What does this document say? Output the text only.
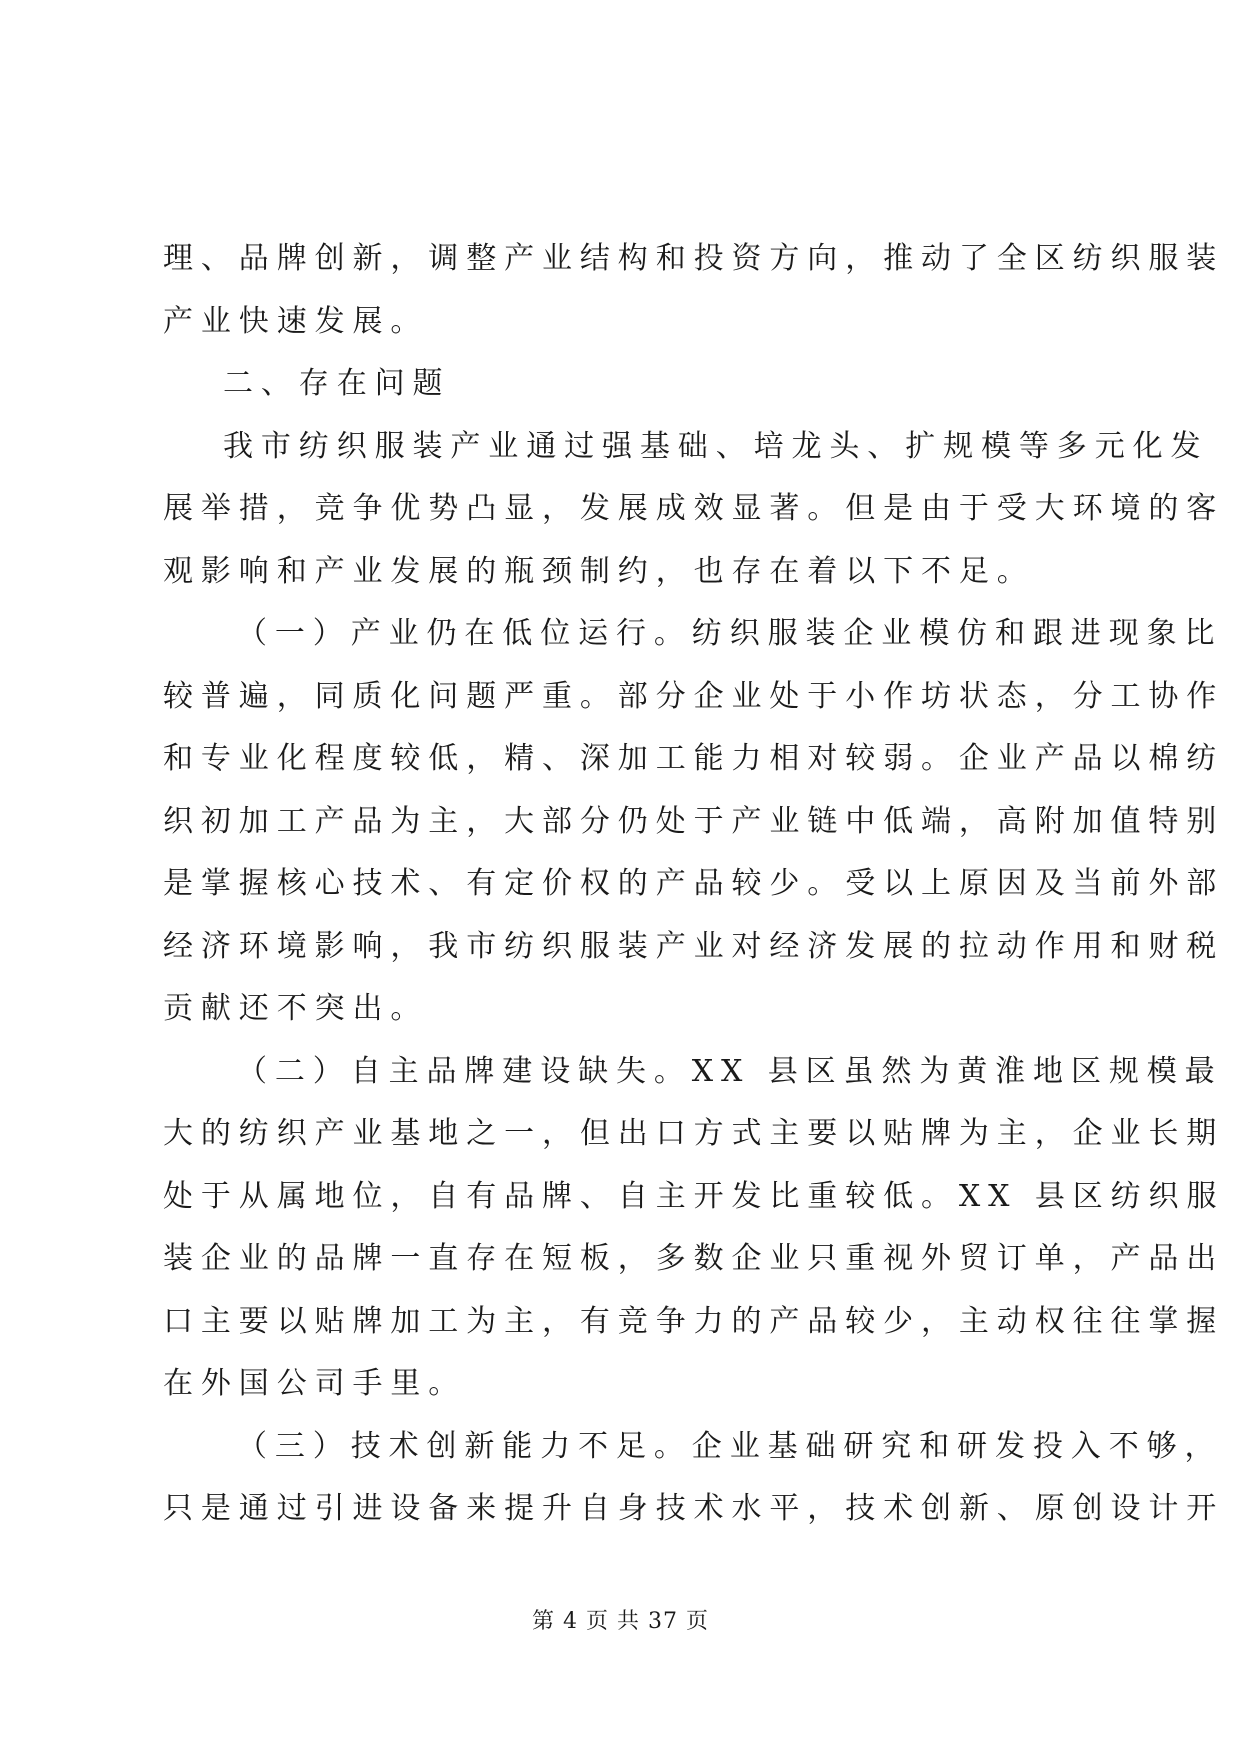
理、品牌创新，调整产业结构和投资方向，推动了全区纺织服装
产业快速发展。
二、存在问题
我市纺织服装产业通过强基础、培龙头、扩规模等多元化发
展举措，竞争优势凸显，发展成效显著。但是由于受大环境的客
观影响和产业发展的瓶颈制约，也存在着以下不足。
（一）产业仍在低位运行。纺织服装企业模仿和跟进现象比
较普遍，同质化问题严重。部分企业处于小作坊状态，分工协作
和专业化程度较低，精、深加工能力相对较弱。企业产品以棉纺
织初加工产品为主，大部分仍处于产业链中低端，高附加值特别
是掌握核心技术、有定价权的产品较少。受以上原因及当前外部
经济环境影响，我市纺织服装产业对经济发展的拉动作用和财税
贡献还不突出。
（二）自主品牌建设缺失。XX 县区虽然为黄淮地区规模最
大的纺织产业基地之一，但出口方式主要以贴牌为主，企业长期
处于从属地位，自有品牌、自主开发比重较低。XX 县区纺织服
装企业的品牌一直存在短板，多数企业只重视外贸订单，产品出
口主要以贴牌加工为主，有竞争力的产品较少，主动权往往掌握
在外国公司手里。
（三）技术创新能力不足。企业基础研究和研发投入不够，
只是通过引进设备来提升自身技术水平，技术创新、原创设计开
第 4 页 共 37 页
